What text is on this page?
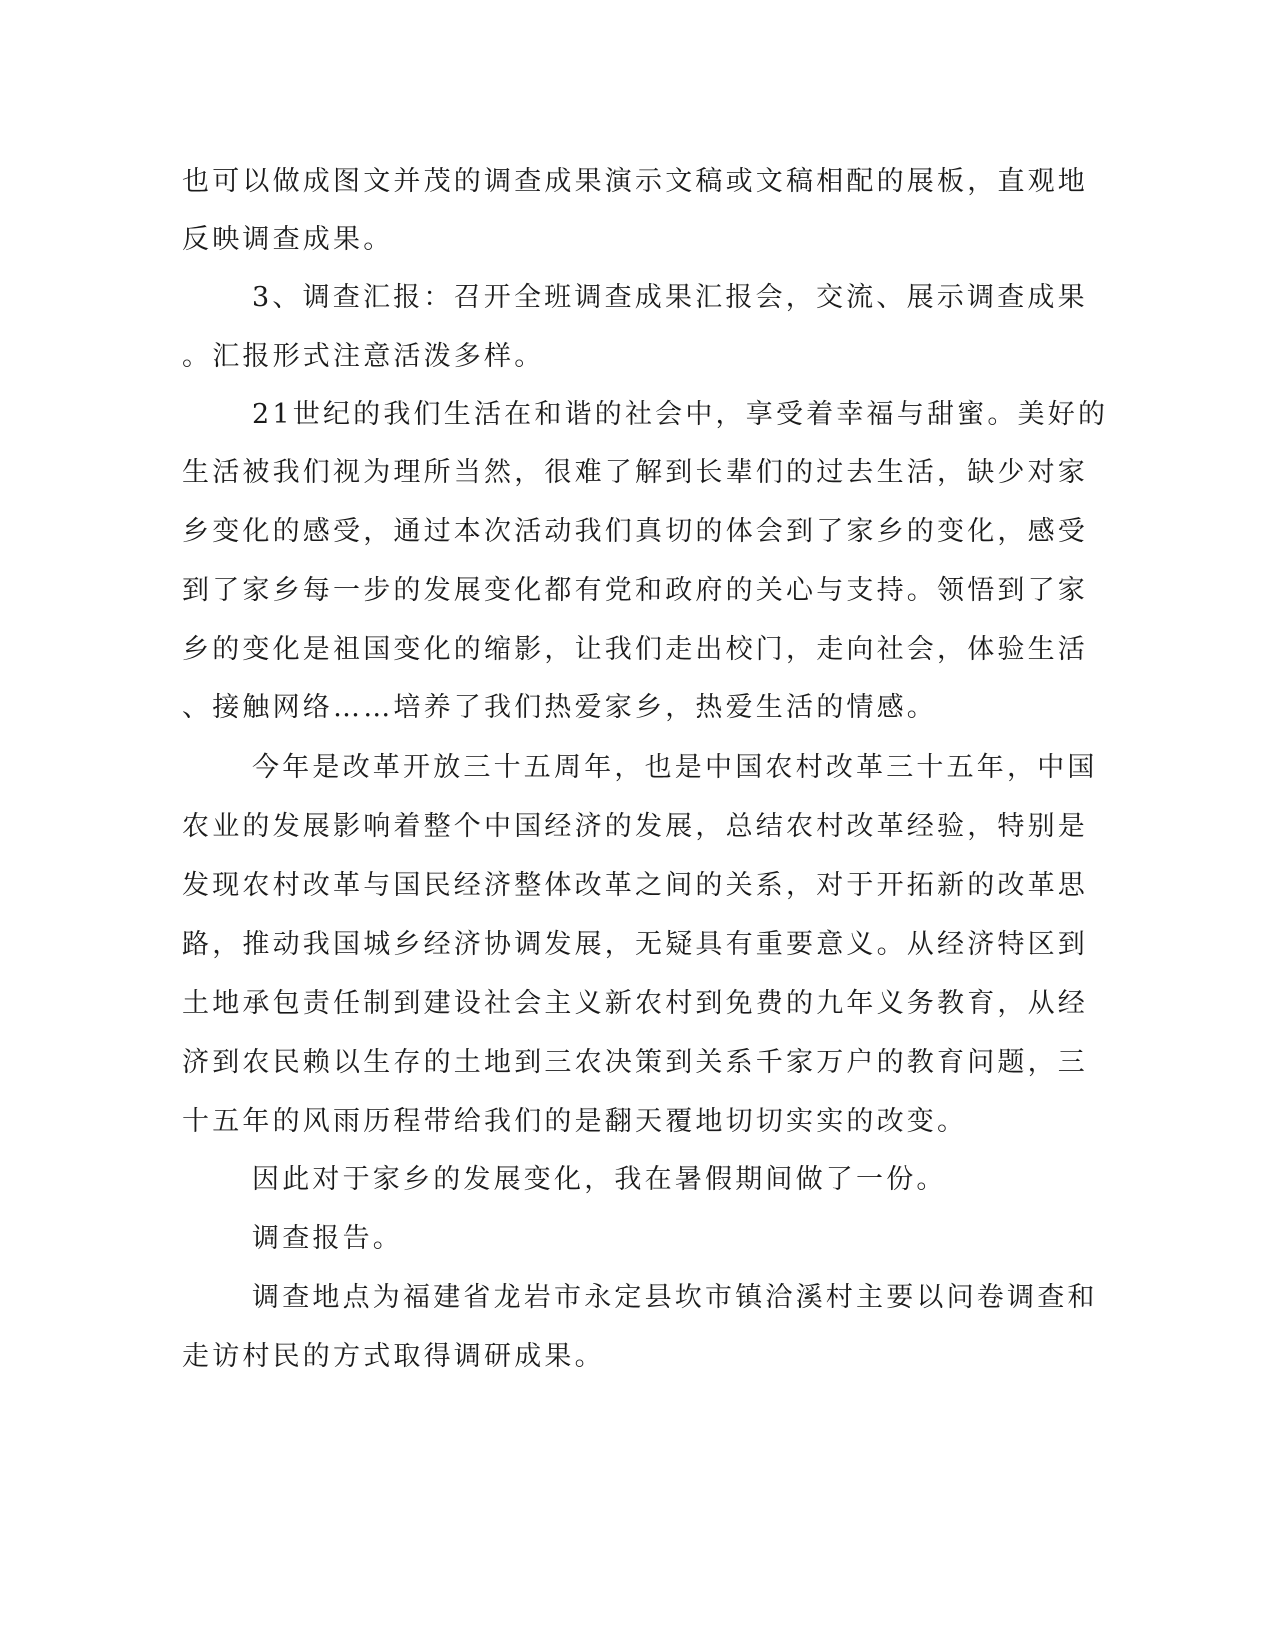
也可以做成图文并茂的调查成果演示文稿或文稿相配的展板，直观地
反映调查成果。
3、调查汇报：召开全班调查成果汇报会，交流、展示调查成果
。汇报形式注意活泼多样。
21世纪的我们生活在和谐的社会中，享受着幸福与甜蜜。美好的
生活被我们视为理所当然，很难了解到长辈们的过去生活，缺少对家
乡变化的感受，通过本次活动我们真切的体会到了家乡的变化，感受
到了家乡每一步的发展变化都有党和政府的关心与支持。领悟到了家
乡的变化是祖国变化的缩影，让我们走出校门，走向社会，体验生活
、接触网络……培养了我们热爱家乡，热爱生活的情感。
今年是改革开放三十五周年，也是中国农村改革三十五年，中国
农业的发展影响着整个中国经济的发展，总结农村改革经验，特别是
发现农村改革与国民经济整体改革之间的关系，对于开拓新的改革思
路，推动我国城乡经济协调发展，无疑具有重要意义。从经济特区到
土地承包责任制到建设社会主义新农村到免费的九年义务教育，从经
济到农民赖以生存的土地到三农决策到关系千家万户的教育问题，三
十五年的风雨历程带给我们的是翻天覆地切切实实的改变。
因此对于家乡的发展变化，我在暑假期间做了一份。
调查报告。
调查地点为福建省龙岩市永定县坎市镇洽溪村主要以问卷调查和
走访村民的方式取得调研成果。
